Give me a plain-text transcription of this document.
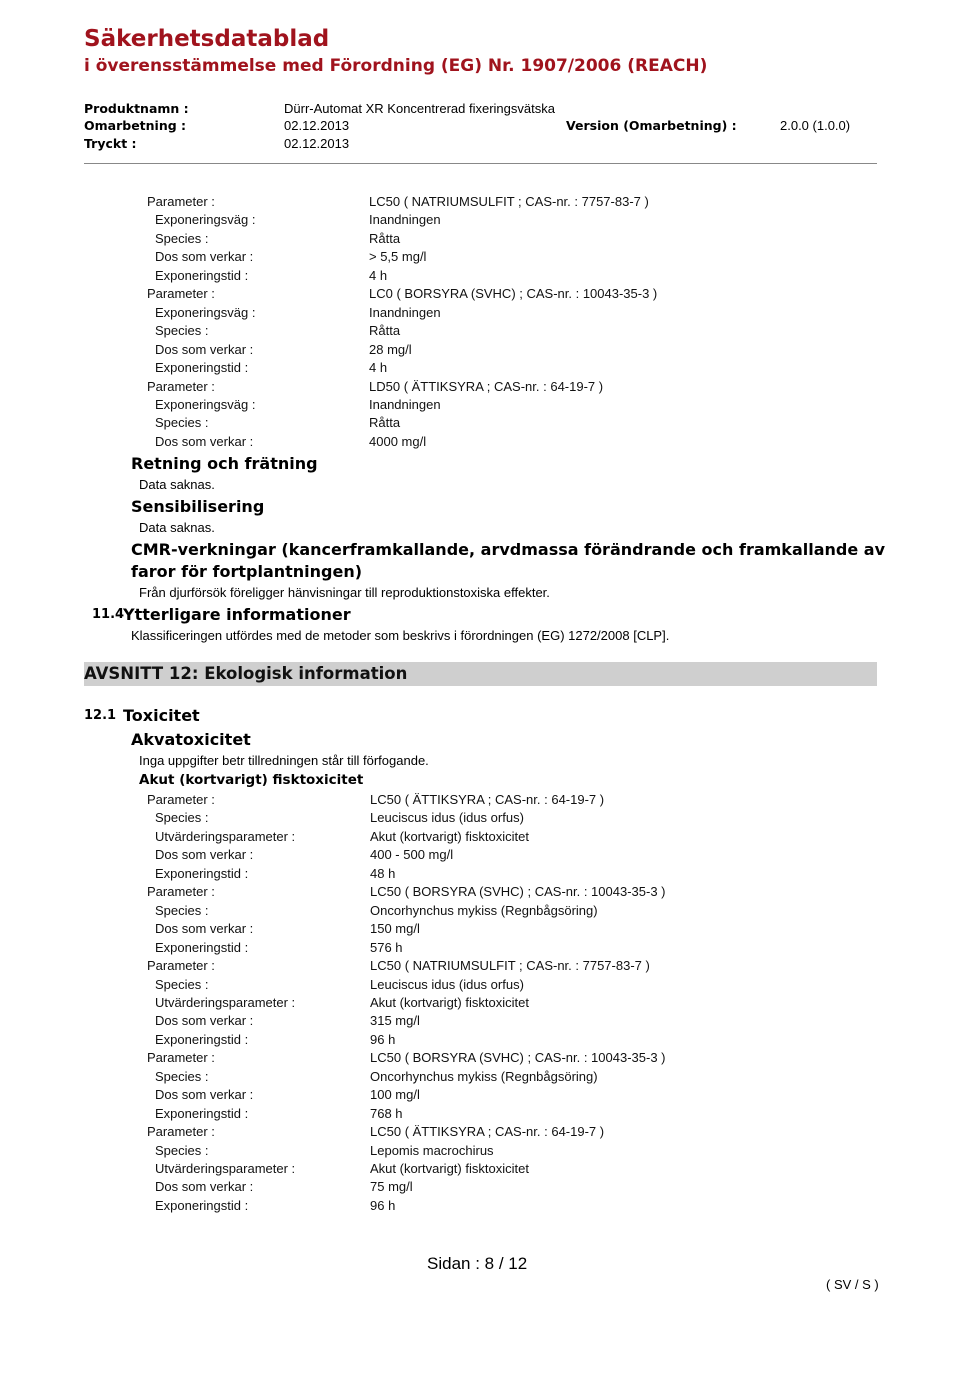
Säkerhetsdatablad
i överensstämmelse med Förordning (EG) Nr. 1907/2006 (REACH)
Produktnamn :	Dürr-Automat XR Koncentrerad fixeringsvätska
Omarbetning :	02.12.2013	Version (Omarbetning) :	2.0.0 (1.0.0)
Tryckt :	02.12.2013
Parameter :	LC50 ( NATRIUMSULFIT ; CAS-nr. : 7757-83-7 )
Exponeringsväg :	Inandningen
Species :	Råtta
Dos som verkar :	> 5,5 mg/l
Exponeringstid :	4 h
Parameter :	LC0 ( BORSYRA (SVHC) ; CAS-nr. : 10043-35-3 )
Exponeringsväg :	Inandningen
Species :	Råtta
Dos som verkar :	28 mg/l
Exponeringstid :	4 h
Parameter :	LD50 ( ÄTTIKSYRA ; CAS-nr. : 64-19-7 )
Exponeringsväg :	Inandningen
Species :	Råtta
Dos som verkar :	4000 mg/l
Retning och frätning
Data saknas.
Sensibilisering
Data saknas.
CMR-verkningar (kancerframkallande, arvdmassa förändrande och framkallande av
faror för fortplantningen)
Från djurförsök föreligger hänvisningar till reproduktionstoxiska effekter.
11.4
Ytterligare informationer
Klassificeringen utfördes med de metoder som beskrivs i förordningen (EG) 1272/2008 [CLP].
AVSNITT 12: Ekologisk information
12.1 Toxicitet
Akvatoxicitet
Inga uppgifter betr tillredningen står till förfogande.
Akut (kortvarigt) fisktoxicitet
Parameter :	LC50 ( ÄTTIKSYRA ; CAS-nr. : 64-19-7 )
Species :	Leuciscus idus (idus orfus)
Utvärderingsparameter :	Akut (kortvarigt) fisktoxicitet
Dos som verkar :	400 - 500 mg/l
Exponeringstid :	48 h
Parameter :	LC50 ( BORSYRA (SVHC) ; CAS-nr. : 10043-35-3 )
Species :	Oncorhynchus mykiss (Regnbågsöring)
Dos som verkar :	150 mg/l
Exponeringstid :	576 h
Parameter :	LC50 ( NATRIUMSULFIT ; CAS-nr. : 7757-83-7 )
Species :	Leuciscus idus (idus orfus)
Utvärderingsparameter :	Akut (kortvarigt) fisktoxicitet
Dos som verkar :	315 mg/l
Exponeringstid :	96 h
Parameter :	LC50 ( BORSYRA (SVHC) ; CAS-nr. : 10043-35-3 )
Species :	Oncorhynchus mykiss (Regnbågsöring)
Dos som verkar :	100 mg/l
Exponeringstid :	768 h
Parameter :	LC50 ( ÄTTIKSYRA ; CAS-nr. : 64-19-7 )
Species :	Lepomis macrochirus
Utvärderingsparameter :	Akut (kortvarigt) fisktoxicitet
Dos som verkar :	75 mg/l
Exponeringstid :	96 h
Sidan : 8 / 12
( SV / S )
